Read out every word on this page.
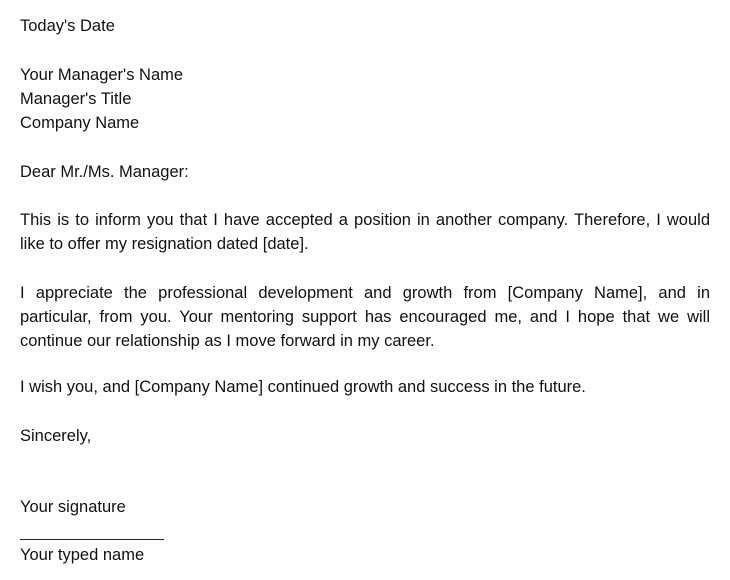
Today's Date
Your Manager's Name
Manager's Title
Company Name
Dear Mr./Ms. Manager:

This is to inform you that I have accepted a position in another company. Therefore, I would like to offer my resignation dated [date].

I appreciate the professional development and growth from [Company Name], and in particular, from you. Your mentoring support has encouraged me, and I hope that we will continue our relationship as I move forward in my career.

I wish you, and [Company Name] continued growth and success in the future.

Sincerely,
Your signature
Your typed name
